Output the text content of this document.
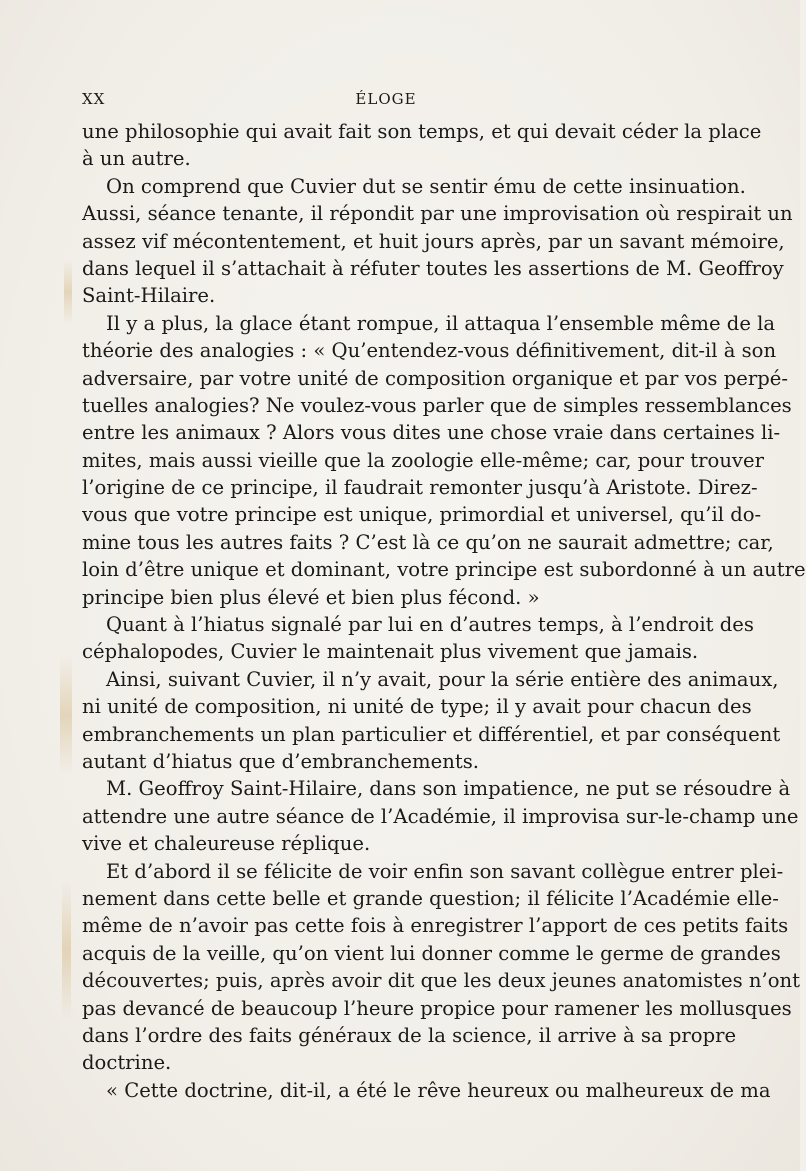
XX	ÉLOGE
une philosophie qui avait fait son temps, et qui devait céder la place
à un autre.
On comprend que Cuvier dut se sentir ému de cette insinuation.
Aussi, séance tenante, il répondit par une improvisation où respirait un
assez vif mécontentement, et huit jours après, par un savant mémoire,
dans lequel il s’attachait à réfuter toutes les assertions de M. Geoffroy
Saint-Hilaire.
Il y a plus, la glace étant rompue, il attaqua l’ensemble même de la
théorie des analogies : « Qu’entendez-vous définitivement, dit-il à son
adversaire, par votre unité de composition organique et par vos perpé-
tuelles analogies? Ne voulez-vous parler que de simples ressemblances
entre les animaux ? Alors vous dites une chose vraie dans certaines li-
mites, mais aussi vieille que la zoologie elle-même; car, pour trouver
l’origine de ce principe, il faudrait remonter jusqu’à Aristote. Direz-
vous que votre principe est unique, primordial et universel, qu’il do-
mine tous les autres faits ? C’est là ce qu’on ne saurait admettre; car,
loin d’être unique et dominant, votre principe est subordonné à un autre
principe bien plus élevé et bien plus fécond. »
Quant à l’hiatus signalé par lui en d’autres temps, à l’endroit des
céphalopodes, Cuvier le maintenait plus vivement que jamais.
Ainsi, suivant Cuvier, il n’y avait, pour la série entière des animaux,
ni unité de composition, ni unité de type; il y avait pour chacun des
embranchements un plan particulier et différentiel, et par conséquent
autant d’hiatus que d’embranchements.
M. Geoffroy Saint-Hilaire, dans son impatience, ne put se résoudre à
attendre une autre séance de l’Académie, il improvisa sur-le-champ une
vive et chaleureuse réplique.
Et d’abord il se félicite de voir enfin son savant collègue entrer plei-
nement dans cette belle et grande question; il félicite l’Académie elle-
même de n’avoir pas cette fois à enregistrer l’apport de ces petits faits
acquis de la veille, qu’on vient lui donner comme le germe de grandes
découvertes; puis, après avoir dit que les deux jeunes anatomistes n’ont
pas devancé de beaucoup l’heure propice pour ramener les mollusques
dans l’ordre des faits généraux de la science, il arrive à sa propre
doctrine.
« Cette doctrine, dit-il, a été le rêve heureux ou malheureux de ma
